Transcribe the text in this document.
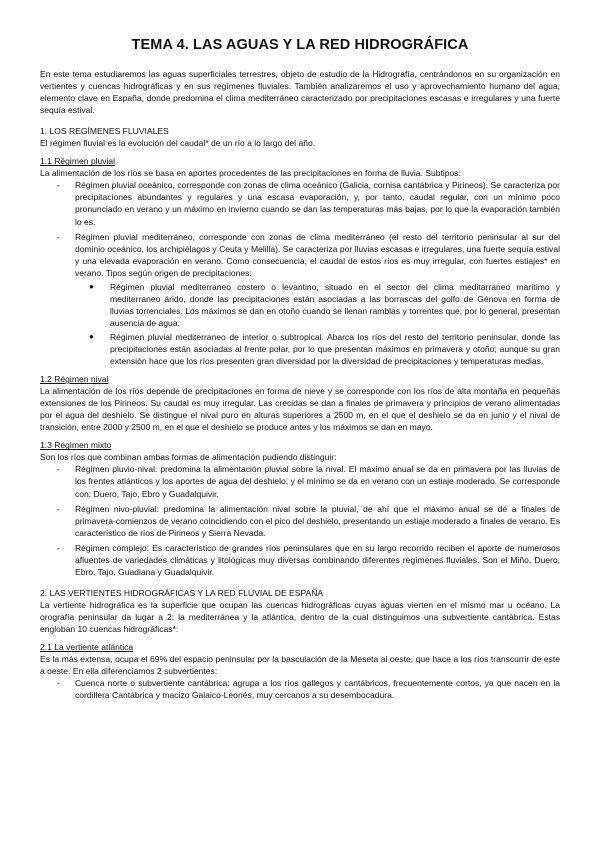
TEMA 4. LAS AGUAS Y LA RED HIDROGRÁFICA

En este tema estudiaremos las aguas superficiales terrestres, objeto de estudio de la Hidrografía, centrándonos en su organización en vertientes y cuencas hidrográficas y en sus regímenes fluviales. También analizaremos el uso y aprovechamiento humano del agua, elemento clave en España, donde predomina el clima mediterráneo caracterizado por precipitaciones escasas e irregulares y una fuerte sequía estival.

1. LOS REGÍMENES FLUVIALES

El régimen fluvial es la evolución del caudal* de un río a lo largo del año.

1.1 Régimen pluvial

La alimentación de los ríos se basa en aportes procedentes de las precipitaciones en forma de lluvia. Subtipos:

- Régimen pluvial oceánico, corresponde con zonas de clima oceánico (Galicia, cornisa cantábrica y Pirineos). Se caracteriza por precipitaciones abundantes y regulares y una escasa evaporación, y, por tanto, caudal regular, con un mínimo poco pronunciado en verano y un máximo en invierno cuando se dan las temperaturas más bajas, por lo que la evaporación también lo es.
- Régimen pluvial mediterráneo, corresponde con zonas de clima mediterráneo (el resto del territorio peninsular al sur del dominio oceánico, los archipiélagos y Ceuta y Melilla). Se caracteriza por lluvias escasas e irregulares, una fuerte sequía estival y una elevada evaporación en verano. Como consecuencia, el caudal de estos ríos es muy irregular, con fuertes estiajes* en verano. Tipos según origen de precipitaciones:
● Régimen pluvial mediterraneo costero o levantino, situado en el sector del clima meditarraneo marítimo y mediterraneo árido, donde las precipitaciones están asociadas a las borrascas del golfo de Génova en forma de lluvias torrenciales. Los máximos se dan en otoño cuando se llenan ramblas y torrentes que, por lo general, presentan ausencia de agua.
● Régimen pluvial mediterraneo de interior o subtropical. Abarca los ríos del resto del territorio peninsular, donde las precipitaciones están asociadas al frente polar, por lo que presentan máximos en primavera y otoño; aunque su gran extensión hace que los ríos presenten gran diversidad por la diversidad de precipitaciones y temperaturas medias.

1.2 Régimen nival

La alimentación de los ríos depende de precipitaciones en forma de nieve y se corresponde con los ríos de alta montaña en pequeñas extensiones de los Pirineos. Su caudal es muy irregular. Las crecidas se dan a finales de primavera y principios de verano alimentadas por el agua del deshielo. Se distingue el nival puro en alturas superiores a 2500 m, en el que el deshielo se da en junio y el nival de transición, entre 2000 y 2500 m, en el que el deshielo se produce antes y los máximos se dan en mayo.

1.3 Régimen mixto

Son los ríos que combinan ambas formas de alimentación pudiendo distinguir:

- Régimen pluvio-nival: predomina la alimentación pluvial sobre la nival. El máximo anual se da en primavera por las lluvias de los frentes atlánticos y los aportes de agua del deshielo; y el mínimo se da en verano con un estiaje moderado. Se corresponde con: Duero, Tajo, Ebro y Guadalquivir.
- Régimen nivo-pluvial: predomina la alimentación nival sobre la pluvial, de ahí que el máximo anual se dé a finales de primavera-comienzos de verano coincidiendo con el pico del deshielo, presentando un estiaje moderado a finales de verano. Es característico de ríos de Pirineos y Sierra Nevada.
- Régimen complejo: Es característico de grandes ríos peninsulares que en su largo recorrido reciben el aporte de numerosos afluentes de variedades climáticas y litológicas muy diversas combinando diferentes regímenes fluviales. Son el Miño, Duero, Ebro, Tajo, Guadiana y Guadalquivir.

2. LAS VERTIENTES HIDROGRÁFICAS Y LA RED FLUVIAL DE ESPAÑA

La vertiente hidrográfica es la superficie que ocupan las cuencas hidrográficas cuyas aguas vierten en el mismo mar u océano. La orografía peninsular da lugar a 2: la mediterránea y la atlántica, dentro de la cual distinguimos una subvertiente cantábrica. Estas engloban 10 cuencas hidrográficas*:

2.1 La vertiente atlántica

Es la más extensa, ocupa el 69% del espacio peninsular por la basculación de la Meseta al oeste, que hace a los ríos transcurrir de este a oeste. En ella diferenciamos 2 subvertientes:

- Cuenca norte o subvertiente cantábrica: agrupa a los ríos gallegos y cantábricos, frecuentemente cortos, ya que nacen en la cordillera Cantábrica y macizo Galaico-Leonés, muy cercanos a su desembocadura.
